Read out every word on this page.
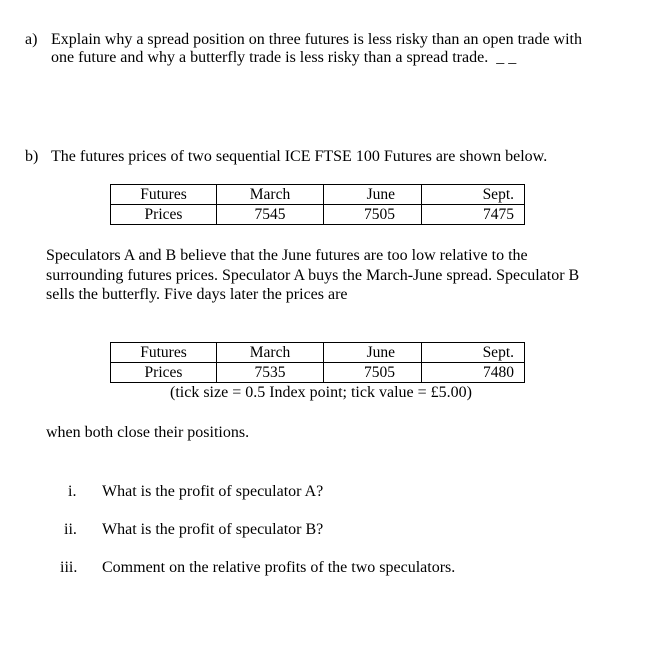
a) Explain why a spread position on three futures is less risky than an open trade with
one future and why a butterfly trade is less risky than a spread trade. _ _
b) The futures prices of two sequential ICE FTSE 100 Futures are shown below.
Futures	March	June	Sept.
Prices	7545	7505	7475
Speculators A and B believe that the June futures are too low relative to the
surrounding futures prices. Speculator A buys the March-June spread. Speculator B
sells the butterfly. Five days later the prices are
Futures	March	June	Sept.
Prices	7535	7505	7480
(tick size = 0.5 Index point; tick value = £5.00)
when both close their positions.
i. What is the profit of speculator A?
ii. What is the profit of speculator B?
iii. Comment on the relative profits of the two speculators.
